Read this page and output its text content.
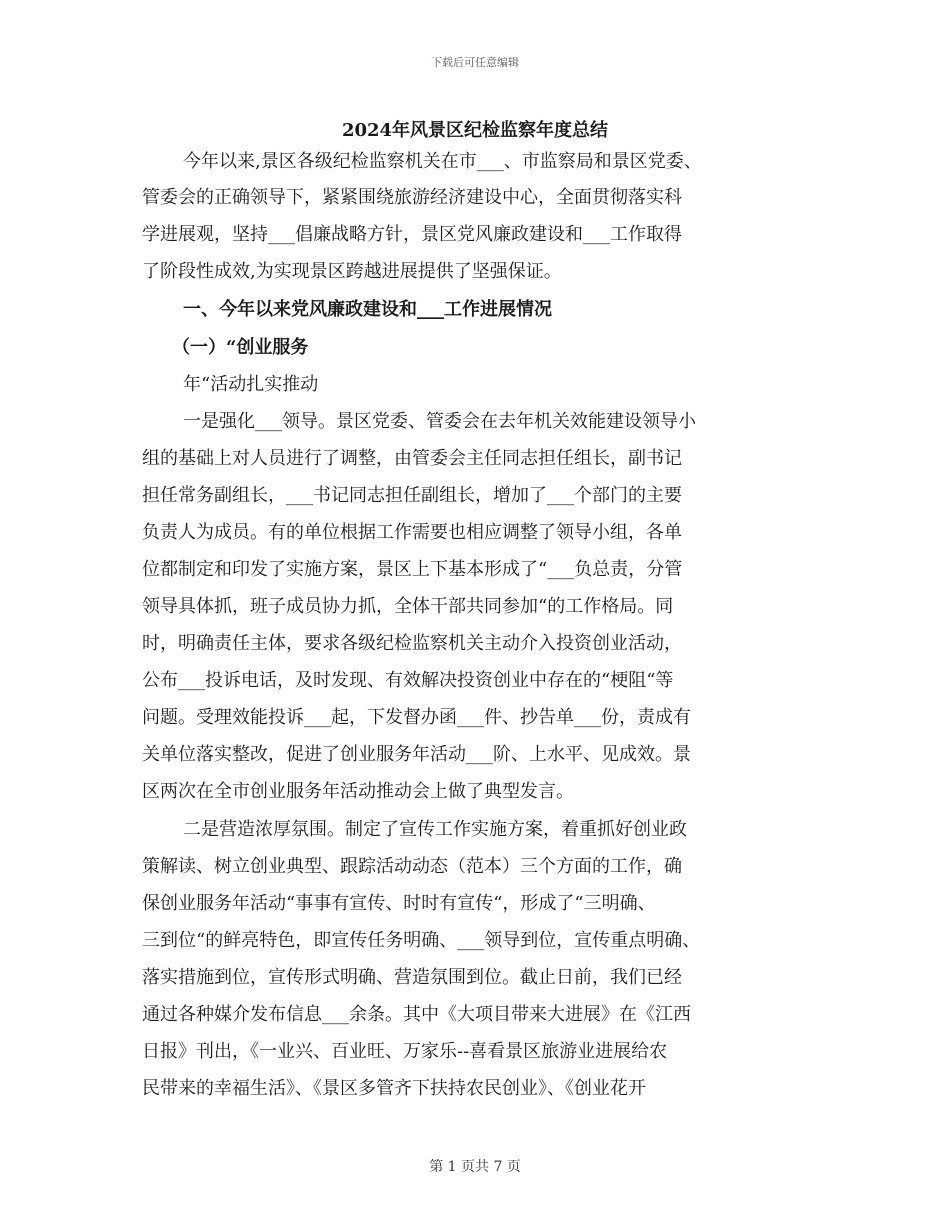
下载后可任意编辑
2024年风景区纪检监察年度总结
今年以来,景区各级纪检监察机关在市___、市监察局和景区党委、
管委会的正确领导下，紧紧围绕旅游经济建设中心，全面贯彻落实科
学进展观，坚持___倡廉战略方针，景区党风廉政建设和___工作取得
了阶段性成效,为实现景区跨越进展提供了坚强保证。
一、今年以来党风廉政建设和___工作进展情况
（一）“创业服务
年“活动扎实推动
一是强化___领导。景区党委、管委会在去年机关效能建设领导小
组的基础上对人员进行了调整，由管委会主任同志担任组长，副书记
担任常务副组长，___书记同志担任副组长，增加了___个部门的主要
负责人为成员。有的单位根据工作需要也相应调整了领导小组，各单
位都制定和印发了实施方案，景区上下基本形成了“___负总责，分管
领导具体抓，班子成员协力抓，全体干部共同参加“的工作格局。同
时，明确责任主体，要求各级纪检监察机关主动介入投资创业活动，
公布___投诉电话，及时发现、有效解决投资创业中存在的“梗阻“等
问题。受理效能投诉___起，下发督办函___件、抄告单___份，责成有
关单位落实整改，促进了创业服务年活动___阶、上水平、见成效。景
区两次在全市创业服务年活动推动会上做了典型发言。
二是营造浓厚氛围。制定了宣传工作实施方案，着重抓好创业政
策解读、树立创业典型、跟踪活动动态（范本）三个方面的工作，确
保创业服务年活动“事事有宣传、时时有宣传“，形成了“三明确、
三到位“的鲜亮特色，即宣传任务明确、___领导到位，宣传重点明确、
落实措施到位，宣传形式明确、营造氛围到位。截止日前，我们已经
通过各种媒介发布信息___余条。其中《大项目带来大进展》在《江西
日报》刊出，《一业兴、百业旺、万家乐--喜看景区旅游业进展给农
民带来的幸福生活》、《景区多管齐下扶持农民创业》、《创业花开
第 1 页共 7 页
